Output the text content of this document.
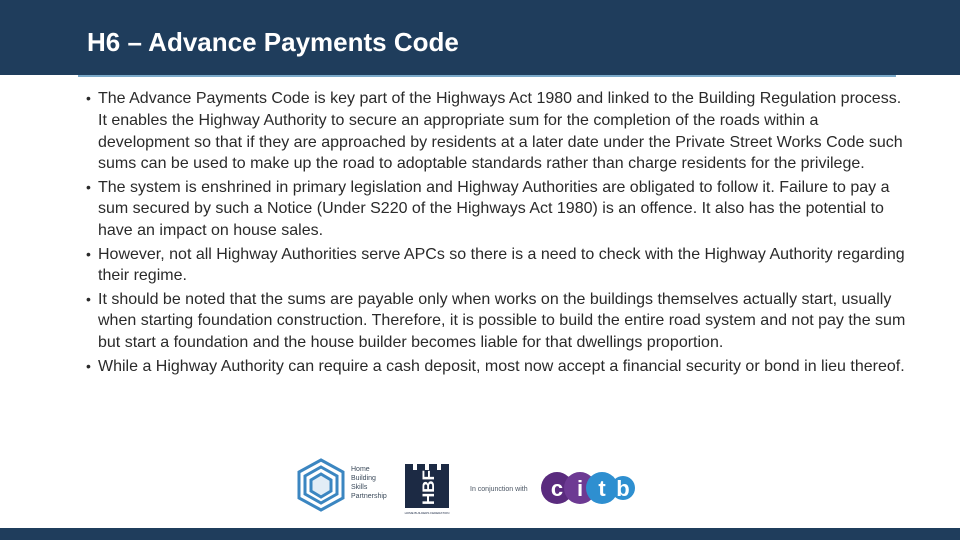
H6 – Advance Payments Code
• The Advance Payments Code is key part of the Highways Act 1980 and linked to the Building Regulation process. It enables the Highway Authority to secure an appropriate sum for the completion of the roads within a development so that if they are approached by residents at a later date under the Private Street Works Code such sums can be used to make up the road to adoptable standards rather than charge residents for the privilege.
• The system is enshrined in primary legislation and Highway Authorities are obligated to follow it. Failure to pay a sum secured by such a Notice (Under S220 of the Highways Act 1980) is an offence. It also has the potential to have an impact on house sales.
• However, not all Highway Authorities serve APCs so there is a need to check with the Highway Authority regarding their regime.
• It should be noted that the sums are payable only when works on the buildings themselves actually start, usually when starting foundation construction. Therefore, it is possible to build the entire road system and not pay the sum but start a foundation and the house builder becomes liable for that dwellings proportion.
• While a Highway Authority can require a cash deposit, most now accept a financial security or bond in lieu thereof.
Home
Building
Skills
Partnership HBF
HOME BUILDERS FEDERATION
In conjunction with c i t b
